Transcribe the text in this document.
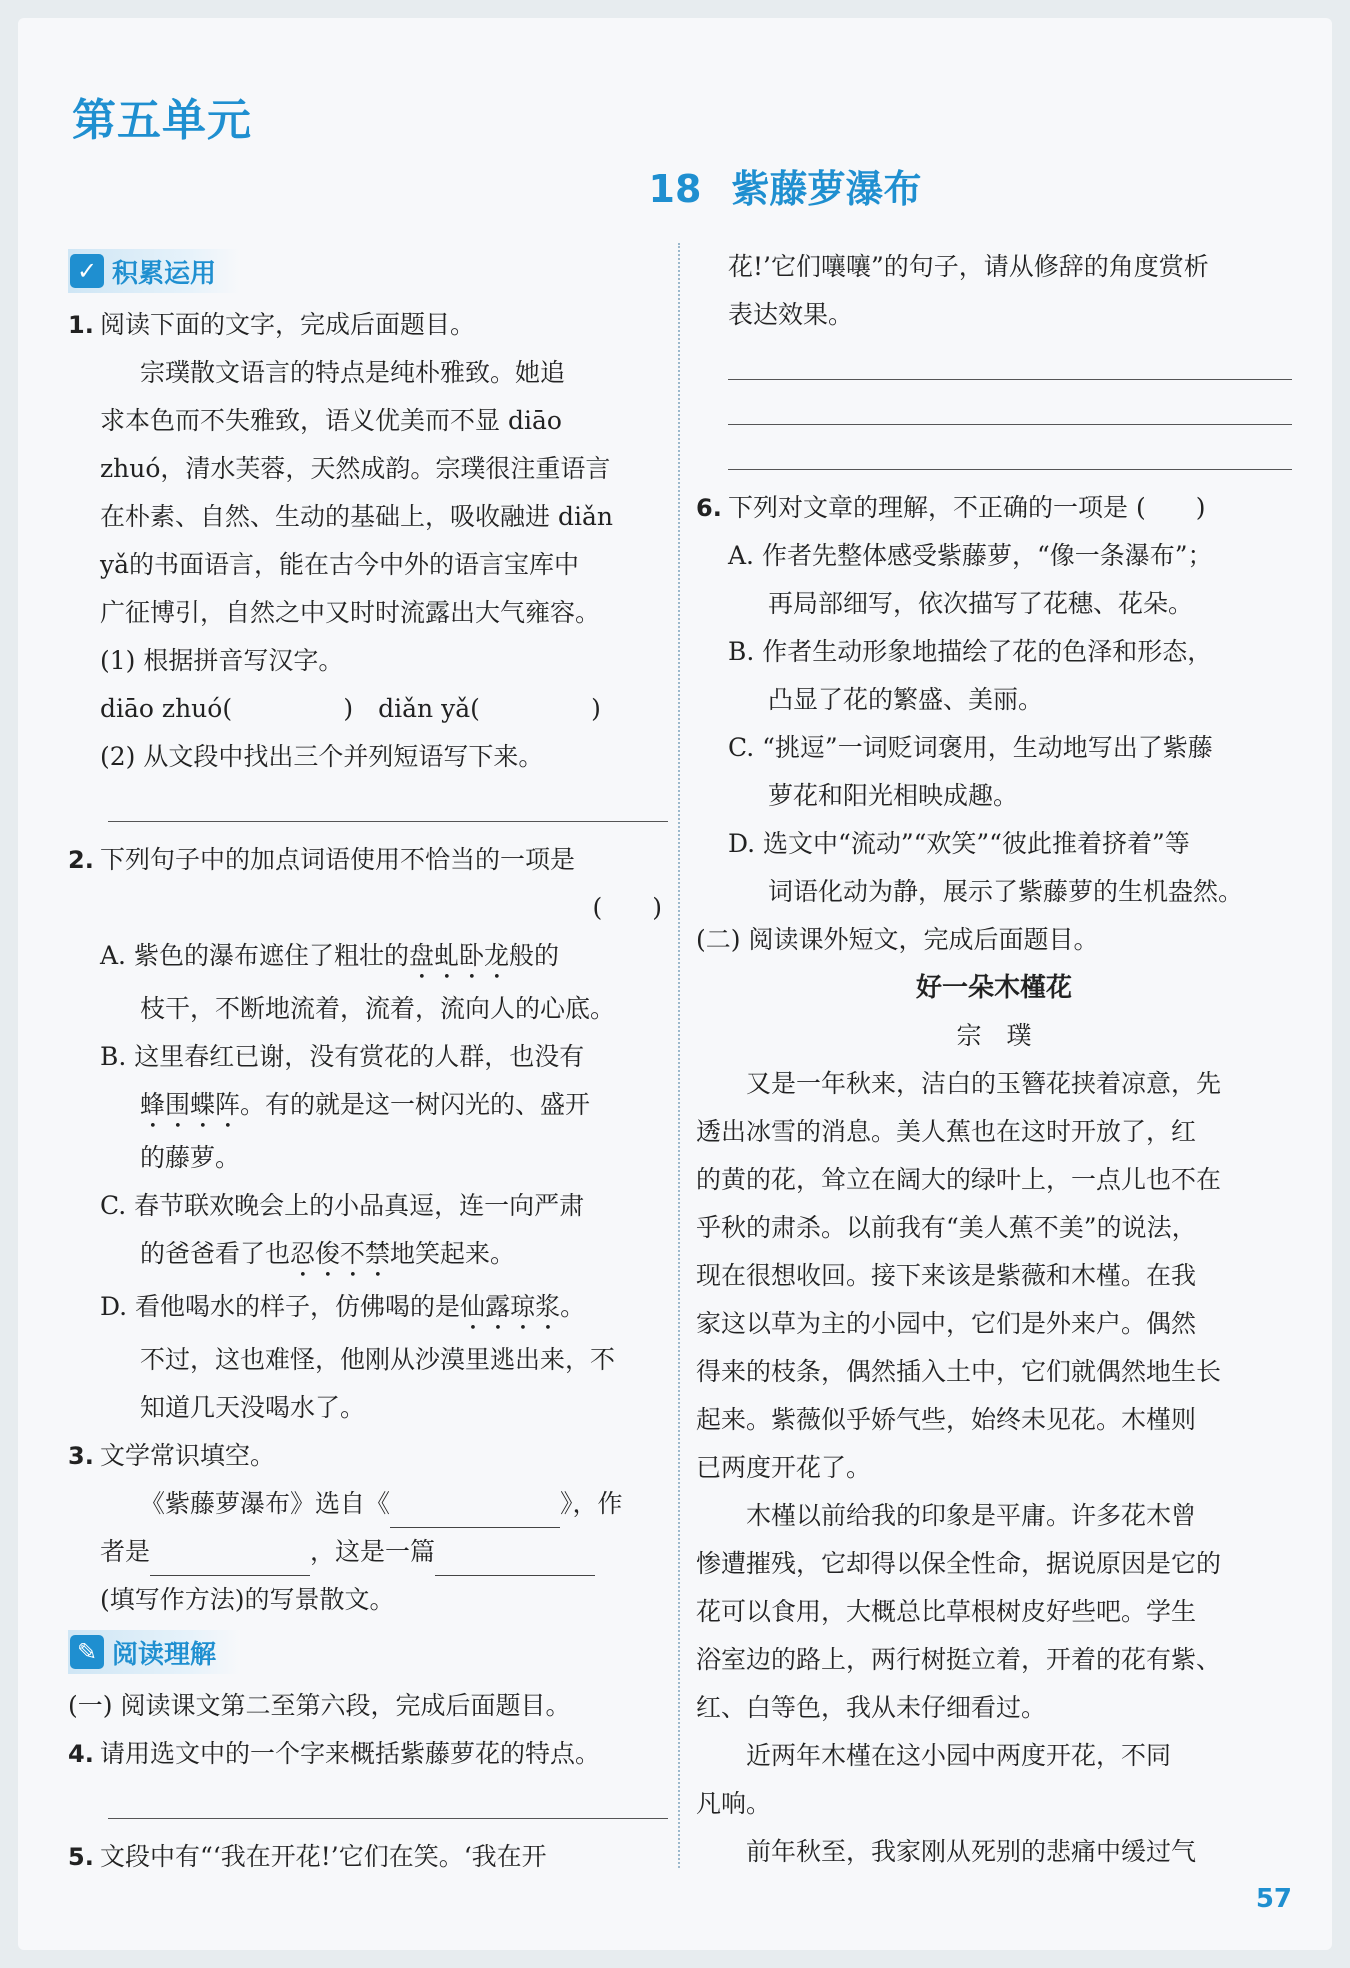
第五单元
18 紫藤萝瀑布
✓ 积累运用
1. 阅读下面的文字，完成后面题目。
宗璞散文语言的特点是纯朴雅致。她追
求本色而不失雅致，语义优美而不显 diāo
zhuó，清水芙蓉，天然成韵。宗璞很注重语言
在朴素、自然、生动的基础上，吸收融进 diǎn
yǎ的书面语言，能在古今中外的语言宝库中
广征博引，自然之中又时时流露出大气雍容。
(1) 根据拼音写汉字。
diāo zhuó(	)　diǎn yǎ(	)
(2) 从文段中找出三个并列短语写下来。
2. 下列句子中的加点词语使用不恰当的一项是
(　　)
A. 紫色的瀑布遮住了粗壮的盘虬卧龙般的
枝干，不断地流着，流着，流向人的心底。
B. 这里春红已谢，没有赏花的人群，也没有
蜂围蝶阵。有的就是这一树闪光的、盛开
的藤萝。
C. 春节联欢晚会上的小品真逗，连一向严肃
的爸爸看了也忍俊不禁地笑起来。
D. 看他喝水的样子，仿佛喝的是仙露琼浆。
不过，这也难怪，他刚从沙漠里逃出来，不
知道几天没喝水了。
3. 文学常识填空。
《紫藤萝瀑布》选自《	》，作
者是	，这是一篇
(填写作方法)的写景散文。
✎ 阅读理解
(一) 阅读课文第二至第六段，完成后面题目。
4. 请用选文中的一个字来概括紫藤萝花的特点。
5. 文段中有“‘我在开花!’它们在笑。‘我在开
花!’它们嚷嚷”的句子，请从修辞的角度赏析
表达效果。
6. 下列对文章的理解，不正确的一项是 (　　)
A. 作者先整体感受紫藤萝，“像一条瀑布”；
再局部细写，依次描写了花穗、花朵。
B. 作者生动形象地描绘了花的色泽和形态，
凸显了花的繁盛、美丽。
C. “挑逗”一词贬词褒用，生动地写出了紫藤
萝花和阳光相映成趣。
D. 选文中“流动”“欢笑”“彼此推着挤着”等
词语化动为静，展示了紫藤萝的生机盎然。
(二) 阅读课外短文，完成后面题目。
好一朵木槿花
宗　璞
　　又是一年秋来，洁白的玉簪花挟着凉意，先
透出冰雪的消息。美人蕉也在这时开放了，红
的黄的花，耸立在阔大的绿叶上，一点儿也不在
乎秋的肃杀。以前我有“美人蕉不美”的说法，
现在很想收回。接下来该是紫薇和木槿。在我
家这以草为主的小园中，它们是外来户。偶然
得来的枝条，偶然插入土中，它们就偶然地生长
起来。紫薇似乎娇气些，始终未见花。木槿则
已两度开花了。
　　木槿以前给我的印象是平庸。许多花木曾
惨遭摧残，它却得以保全性命，据说原因是它的
花可以食用，大概总比草根树皮好些吧。学生
浴室边的路上，两行树挺立着，开着的花有紫、
红、白等色，我从未仔细看过。
　　近两年木槿在这小园中两度开花，不同
凡响。
　　前年秋至，我家刚从死别的悲痛中缓过气
57
